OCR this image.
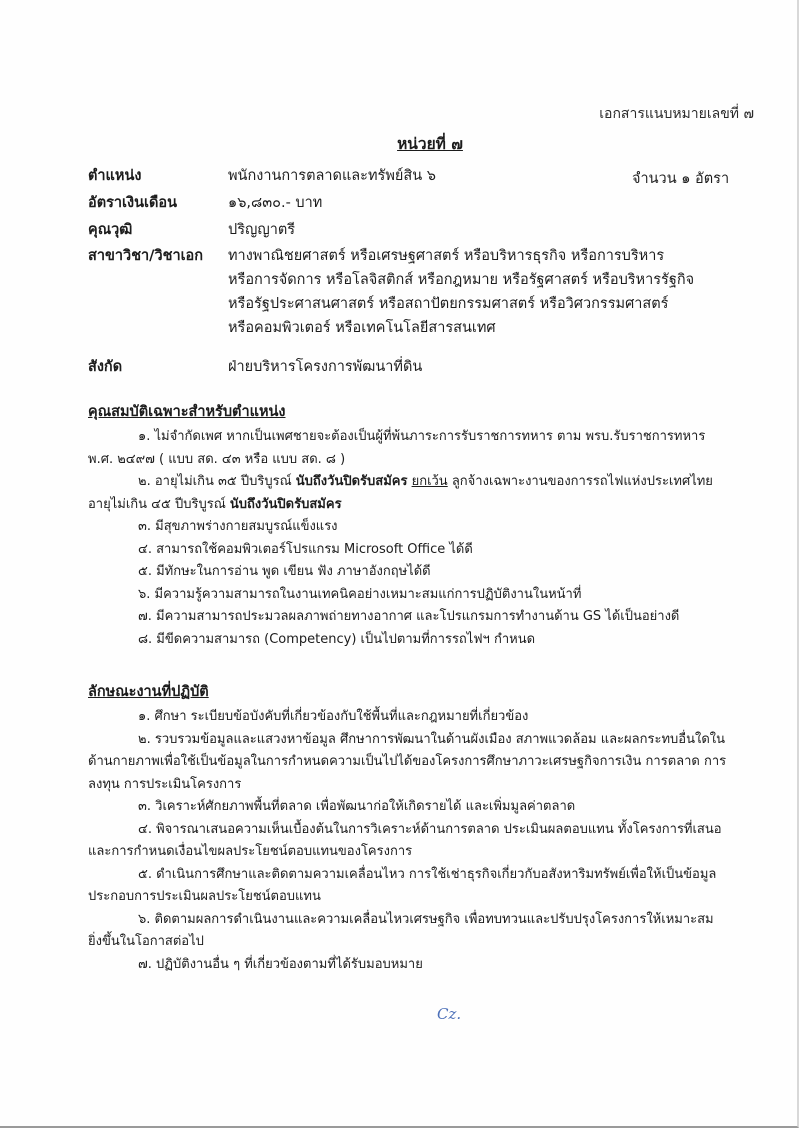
เอกสารแนบหมายเลขที่ ๗
หน่วยที่ ๗
ตำแหน่ง	พนักงานการตลาดและทรัพย์สิน ๖	จำนวน ๑ อัตรา
อัตราเงินเดือน	๑๖,๘๓๐.- บาท
คุณวุฒิ	ปริญญาตรี
สาขาวิชา/วิชาเอก ทางพาณิชยศาสตร์ หรือเศรษฐศาสตร์ หรือบริหารธุรกิจ หรือการบริหาร
หรือการจัดการ หรือโลจิสติกส์ หรือกฎหมาย หรือรัฐศาสตร์ หรือบริหารรัฐกิจ
หรือรัฐประศาสนศาสตร์ หรือสถาปัตยกรรมศาสตร์ หรือวิศวกรรมศาสตร์
หรือคอมพิวเตอร์ หรือเทคโนโลยีสารสนเทศ
สังกัด	ฝ่ายบริหารโครงการพัฒนาที่ดิน
คุณสมบัติเฉพาะสำหรับตำแหน่ง
๑. ไม่จำกัดเพศ หากเป็นเพศชายจะต้องเป็นผู้ที่พ้นภาระการรับราชการทหาร ตาม พรบ.รับราชการทหาร
พ.ศ. ๒๔๙๗ ( แบบ สด. ๔๓ หรือ แบบ สด. ๘ )
๒. อายุไม่เกิน ๓๕ ปีบริบูรณ์ นับถึงวันปิดรับสมัคร ยกเว้น ลูกจ้างเฉพาะงานของการรถไฟแห่งประเทศไทย
อายุไม่เกิน ๔๕ ปีบริบูรณ์ นับถึงวันปิดรับสมัคร
๓. มีสุขภาพร่างกายสมบูรณ์แข็งแรง
๔. สามารถใช้คอมพิวเตอร์โปรแกรม Microsoft Office ได้ดี
๕. มีทักษะในการอ่าน พูด เขียน ฟัง ภาษาอังกฤษได้ดี
๖. มีความรู้ความสามารถในงานเทคนิคอย่างเหมาะสมแก่การปฏิบัติงานในหน้าที่
๗. มีความสามารถประมวลผลภาพถ่ายทางอากาศ และโปรแกรมการทำงานด้าน GS ได้เป็นอย่างดี
๘. มีขีดความสามารถ (Competency) เป็นไปตามที่การรถไฟฯ กำหนด
ลักษณะงานที่ปฏิบัติ
๑. ศึกษา ระเบียบข้อบังคับที่เกี่ยวข้องกับใช้พื้นที่และกฎหมายที่เกี่ยวข้อง
๒. รวบรวมข้อมูลและแสวงหาข้อมูล ศึกษาการพัฒนาในด้านผังเมือง สภาพแวดล้อม และผลกระทบอื่นใดใน
ด้านกายภาพเพื่อใช้เป็นข้อมูลในการกำหนดความเป็นไปได้ของโครงการศึกษาภาวะเศรษฐกิจการเงิน การตลาด การ
ลงทุน การประเมินโครงการ
๓. วิเคราะห์ศักยภาพพื้นที่ตลาด เพื่อพัฒนาก่อให้เกิดรายได้ และเพิ่มมูลค่าตลาด
๔. พิจารณาเสนอความเห็นเบื้องต้นในการวิเคราะห์ด้านการตลาด ประเมินผลตอบแทน ทั้งโครงการที่เสนอ
และการกำหนดเงื่อนไขผลประโยชน์ตอบแทนของโครงการ
๕. ดำเนินการศึกษาและติดตามความเคลื่อนไหว การใช้เช่าธุรกิจเกี่ยวกับอสังหาริมทรัพย์เพื่อให้เป็นข้อมูล
ประกอบการประเมินผลประโยชน์ตอบแทน
๖. ติดตามผลการดำเนินงานและความเคลื่อนไหวเศรษฐกิจ เพื่อทบทวนและปรับปรุงโครงการให้เหมาะสม
ยิ่งขึ้นในโอกาสต่อไป
๗. ปฏิบัติงานอื่น ๆ ที่เกี่ยวข้องตามที่ได้รับมอบหมาย
Cz.
